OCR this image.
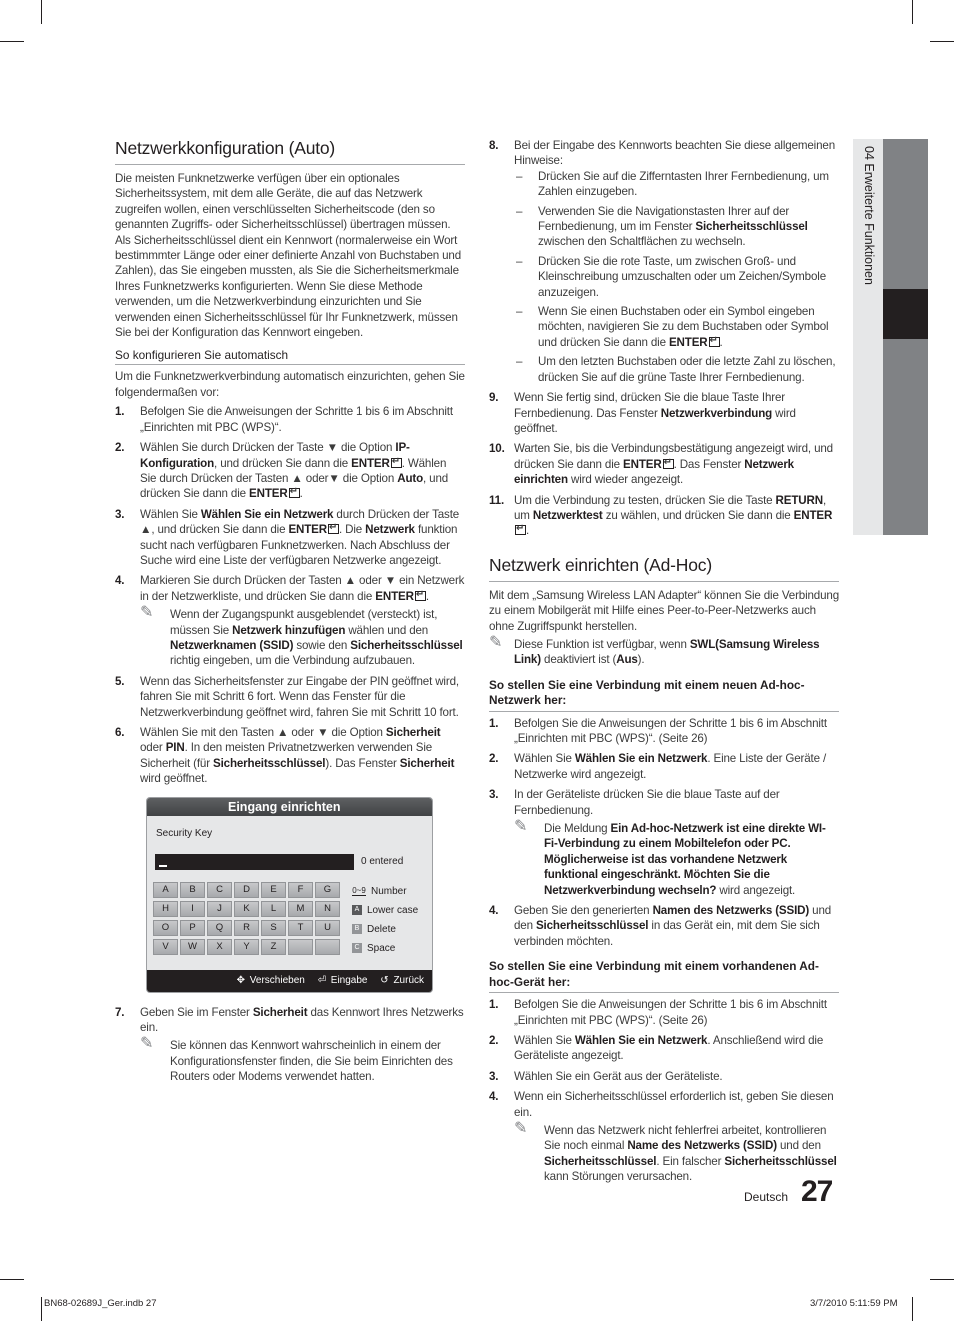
04 Erweiterte Funktionen
Netzwerkkonfiguration (Auto)

Die meisten Funknetzwerke verfügen über ein optionales Sicherheitssystem, mit dem alle Geräte, die auf das Netzwerk zugreifen wollen, einen verschlüsselten Sicherheitscode (den so genannten Zugriffs- oder Sicherheitsschlüssel) übertragen müssen. Als Sicherheitsschlüssel dient ein Kennwort (normalerweise ein Wort bestimmmter Länge oder einer definierte Anzahl von Buchstaben und Zahlen), das Sie eingeben mussten, als Sie die Sicherheitsmerkmale Ihres Funknetzwerks konfigurierten. Wenn Sie diese Methode verwenden, um die Netzwerkverbindung einzurichten und Sie verwenden einen Sicherheitsschlüssel für Ihr Funknetzwerk, müssen Sie bei der Konfiguration das Kennwort eingeben.

So konfigurieren Sie automatisch

Um die Funknetzwerkverbindung automatisch einzurichten, gehen Sie folgendermaßen vor:

1. Befolgen Sie die Anweisungen der Schritte 1 bis 6 im Abschnitt „Einrichten mit PBC (WPS)“.
2. Wählen Sie durch Drücken der Taste ▼ die Option IP-Konfiguration, und drücken Sie dann die ENTER ↵ . Wählen Sie durch Drücken der Tasten ▲ oder▼ die Option Auto, und drücken Sie dann die ENTER ↵ .
3. Wählen Sie Wählen Sie ein Netzwerk durch Drücken der Taste ▲, und drücken Sie dann die ENTER ↵ . Die Netzwerk funktion sucht nach verfügbaren Funknetzwerken. Nach Abschluss der Suche wird eine Liste der verfügbaren Netzwerke angezeigt.
4. Markieren Sie durch Drücken der Tasten ▲ oder ▼ ein Netzwerk in der Netzwerkliste, und drücken Sie dann die ENTER ↵ .
✎ Wenn der Zugangspunkt ausgeblendet (versteckt) ist, müssen Sie Netzwerk hinzufügen wählen und den Netzwerknamen (SSID) sowie den Sicherheitsschlüssel richtig eingeben, um die Verbindung aufzubauen.
5. Wenn das Sicherheitsfenster zur Eingabe der PIN geöffnet wird, fahren Sie mit Schritt 6 fort. Wenn das Fenster für die Netzwerkverbindung geöffnet wird, fahren Sie mit Schritt 10 fort.
6. Wählen Sie mit den Tasten ▲ oder ▼ die Option Sicherheit oder PIN. In den meisten Privatnetzwerken verwenden Sie Sicherheit (für Sicherheitsschlüssel). Das Fenster Sicherheit wird geöffnet.
Eingang einrichten
Security Key
0 entered
A	B	C	D	E	F	G
H	I	J	K	L	M	N
O	P	Q	R	S	T	U
V	W	X	Y	Z
0~9 Number
A Lower case
B Delete
C Space
✥ Verschieben ⏎ Eingabe ↺ Zurück
7. Geben Sie im Fenster Sicherheit das Kennwort Ihres Netzwerks ein.
✎ Sie können das Kennwort wahrscheinlich in einem der Konfigurationsfenster finden, die Sie beim Einrichten des Routers oder Modems verwendet hatten.
8. Bei der Eingabe des Kennworts beachten Sie diese allgemeinen Hinweise:
– Drücken Sie auf die Zifferntasten Ihrer Fernbedienung, um Zahlen einzugeben.
– Verwenden Sie die Navigationstasten Ihrer auf der Fernbedienung, um im Fenster Sicherheitsschlüssel zwischen den Schaltflächen zu wechseln.
– Drücken Sie die rote Taste, um zwischen Groß- und Kleinschreibung umzuschalten oder um Zeichen/Symbole anzuzeigen.
– Wenn Sie einen Buchstaben oder ein Symbol eingeben möchten, navigieren Sie zu dem Buchstaben oder Symbol und drücken Sie dann die ENTER ↵ .
– Um den letzten Buchstaben oder die letzte Zahl zu löschen, drücken Sie auf die grüne Taste Ihrer Fernbedienung.
9. Wenn Sie fertig sind, drücken Sie die blaue Taste Ihrer Fernbedienung. Das Fenster Netzwerkverbindung wird geöffnet.
10. Warten Sie, bis die Verbindungsbestätigung angezeigt wird, und drücken Sie dann die ENTER ↵ . Das Fenster Netzwerk einrichten wird wieder angezeigt.
11. Um die Verbindung zu testen, drücken Sie die Taste RETURN, um Netzwerktest zu wählen, und drücken Sie dann die ENTER↵.
Netzwerk einrichten (Ad-Hoc)

Mit dem „Samsung Wireless LAN Adapter“ können Sie die Verbindung zu einem Mobilgerät mit Hilfe eines Peer-to-Peer-Netzwerks auch ohne Zugriffspunkt herstellen.

✎ Diese Funktion ist verfügbar, wenn SWL(Samsung Wireless Link) deaktiviert ist (Aus).
So stellen Sie eine Verbindung mit einem neuen Ad-hoc-Netzwerk her:
1. Befolgen Sie die Anweisungen der Schritte 1 bis 6 im Abschnitt „Einrichten mit PBC (WPS)“. (Seite 26)
2. Wählen Sie Wählen Sie ein Netzwerk. Eine Liste der Geräte / Netzwerke wird angezeigt.
3. In der Geräteliste drücken Sie die blaue Taste auf der Fernbedienung.
✎ Die Meldung Ein Ad-hoc-Netzwerk ist eine direkte WI-Fi-Verbindung zu einem Mobiltelefon oder PC. Möglicherweise ist das vorhandene Netzwerk funktional eingeschränkt. Möchten Sie die Netzwerkverbindung wechseln? wird angezeigt.
4. Geben Sie den generierten Namen des Netzwerks (SSID) und den Sicherheitsschlüssel in das Gerät ein, mit dem Sie sich verbinden möchten.
So stellen Sie eine Verbindung mit einem vorhandenen Ad-hoc-Gerät her:
1. Befolgen Sie die Anweisungen der Schritte 1 bis 6 im Abschnitt „Einrichten mit PBC (WPS)“. (Seite 26)
2. Wählen Sie Wählen Sie ein Netzwerk. Anschließend wird die Geräteliste angezeigt.
3. Wählen Sie ein Gerät aus der Geräteliste.
4. Wenn ein Sicherheitsschlüssel erforderlich ist, geben Sie diesen ein.
✎ Wenn das Netzwerk nicht fehlerfrei arbeitet, kontrollieren Sie noch einmal Name des Netzwerks (SSID) und den Sicherheitsschlüssel. Ein falscher Sicherheitsschlüssel kann Störungen verursachen.
Deutsch 27
BN68-02689J_Ger.indb 27	3/7/2010 5:11:59 PM
